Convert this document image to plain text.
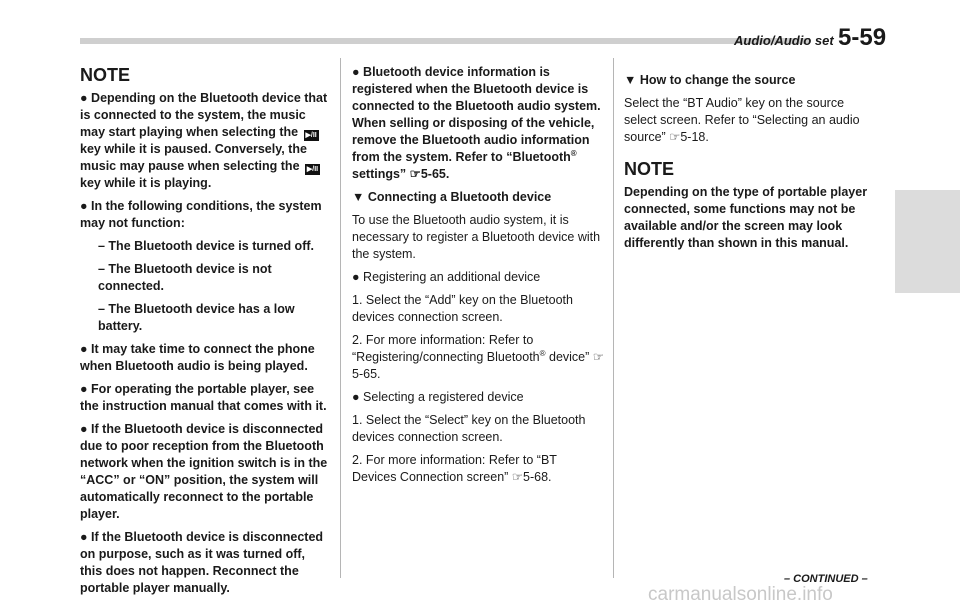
Audio/Audio set 5-59
NOTE

● Depending on the Bluetooth device that is connected to the system, the music may start playing when selecting the ▶/II key while it is paused. Conversely, the music may pause when selecting the ▶/II key while it is playing.

● In the following conditions, the system may not function:

– The Bluetooth device is turned off.

– The Bluetooth device is not connected.

– The Bluetooth device has a low battery.

● It may take time to connect the phone when Bluetooth audio is being played.

● For operating the portable player, see the instruction manual that comes with it.

● If the Bluetooth device is disconnected due to poor reception from the Bluetooth network when the ignition switch is in the “ACC” or “ON” position, the system will automatically reconnect to the portable player.

● If the Bluetooth device is disconnected on purpose, such as it was turned off, this does not happen. Reconnect the portable player manually.

● Bluetooth device information is registered when the Bluetooth device is connected to the Bluetooth audio system. When selling or disposing of the vehicle, remove the Bluetooth audio information from the system. Refer to “Bluetooth® settings” ☞5-65.

▼ Connecting a Bluetooth device

To use the Bluetooth audio system, it is necessary to register a Bluetooth device with the system.

● Registering an additional device

1. Select the “Add” key on the Bluetooth devices connection screen.

2. For more information: Refer to “Registering/connecting Bluetooth® device” ☞5-65.

● Selecting a registered device

1. Select the “Select” key on the Bluetooth devices connection screen.

2. For more information: Refer to “BT Devices Connection screen” ☞5-68.

▼ How to change the source

Select the “BT Audio” key on the source select screen. Refer to “Selecting an audio source” ☞5-18.

NOTE

Depending on the type of portable player connected, some functions may not be available and/or the screen may look differently than shown in this manual.

– CONTINUED –
carmanualsonline.info
